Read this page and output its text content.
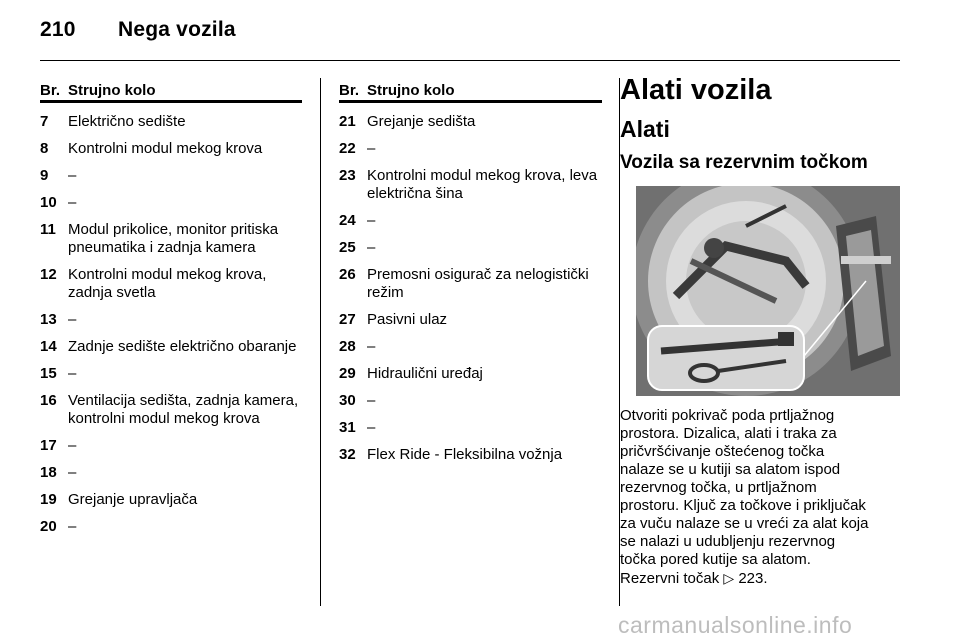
210 Nega vozila
Br. Strujno kolo
7	Električno sedište
8	Kontrolni modul mekog krova
9	–
10 –
11 Modul prikolice, monitor pritiska pneumatika i zadnja kamera
12 Kontrolni modul mekog krova, zadnja svetla
13 –
14 Zadnje sedište električno obaranje
15 –
16 Ventilacija sedišta, zadnja kamera, kontrolni modul mekog krova
17 –
18 –
19 Grejanje upravljača
20 –
Br. Strujno kolo
21 Grejanje sedišta
22 –
23 Kontrolni modul mekog krova, leva električna šina
24 –
25 –
26 Premosni osigurač za nelogistički režim
27 Pasivni ulaz
28 –
29 Hidraulični uređaj
30 –
31 –
32 Flex Ride - Fleksibilna vožnja
Alati vozila
Alati
Vozila sa rezervnim točkom
Otvoriti pokrivač poda prtljažnog
prostora. Dizalica, alati i traka za
pričvršćivanje oštećenog točka
nalaze se u kutiji sa alatom ispod
rezervnog točka, u prtljažnom
prostoru. Ključ za točkove i priključak
za vuču nalaze se u vreći za alat koja
se nalazi u udubljenju rezervnog
točka pored kutije sa alatom.
Rezervni točak ▷ 223.
carmanualsonline.info
